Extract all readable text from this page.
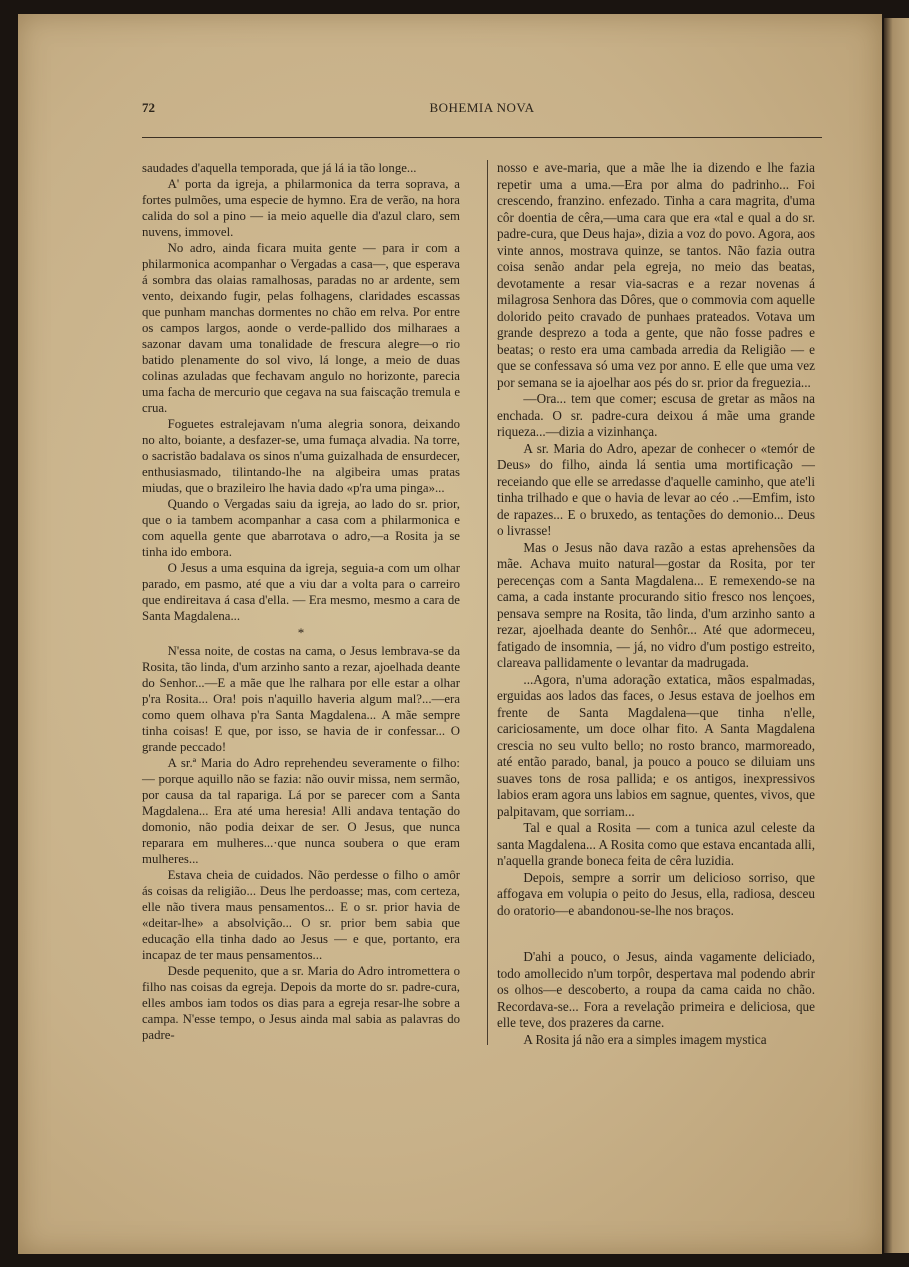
72	BOHEMIA NOVA

saudades d'aquella temporada, que já lá ia tão longe...

A' porta da igreja, a philarmonica da terra soprava, a fortes pulmões, uma especie de hymno. Era de verão, na hora calida do sol a pino — ia meio aquelle dia d'azul claro, sem nuvens, immovel.

No adro, ainda ficara muita gente — para ir com a philarmonica acompanhar o Vergadas a casa—, que esperava á sombra das olaias ramalhosas, paradas no ar ardente, sem vento, deixando fugir, pelas folhagens, claridades escassas que punham manchas dormentes no chão em relva. Por entre os campos largos, aonde o verde-pallido dos milharaes a sazonar davam uma tonalidade de frescura alegre—o rio batido plenamente do sol vivo, lá longe, a meio de duas colinas azuladas que fechavam angulo no horizonte, parecia uma facha de mercurio que cegava na sua faiscação tremula e crua.

Foguetes estralejavam n'uma alegria sonora, deixando no alto, boiante, a desfazer-se, uma fumaça alvadia. Na torre, o sacristão badalava os sinos n'uma guizalhada de ensurdecer, enthusiasmado, tilintando-lhe na algibeira umas pratas miudas, que o brazileiro lhe havia dado «p'ra uma pinga»...

Quando o Vergadas saiu da igreja, ao lado do sr. prior, que o ia tambem acompanhar a casa com a philarmonica e com aquella gente que abarrotava o adro,—a Rosita ja se tinha ido embora.

O Jesus a uma esquina da igreja, seguia-a com um olhar parado, em pasmo, até que a viu dar a volta para o carreiro que endireitava á casa d'ella. — Era mesmo, mesmo a cara de Santa Magdalena...

*

N'essa noite, de costas na cama, o Jesus lembrava-se da Rosita, tão linda, d'um arzinho santo a rezar, ajoelhada deante do Senhor...—E a mãe que lhe ralhara por elle estar a olhar p'ra Rosita... Ora! pois n'aquillo haveria algum mal?...—era como quem olhava p'ra Santa Magdalena... A mãe sempre tinha coisas! E que, por isso, se havia de ir confessar... O grande peccado!

A sr.ª Maria do Adro reprehendeu severamente o filho: — porque aquillo não se fazia: não ouvir missa, nem sermão, por causa da tal rapariga. Lá por se parecer com a Santa Magdalena... Era até uma heresia! Alli andava tentação do domonio, não podia deixar de ser. O Jesus, que nunca reparara em mulheres...·que nunca soubera o que eram mulheres...

Estava cheia de cuidados. Não perdesse o filho o amôr ás coisas da religião... Deus lhe perdoasse; mas, com certeza, elle não tivera maus pensamentos... E o sr. prior havia de «deitar-lhe» a absolvição... O sr. prior bem sabia que educação ella tinha dado ao Jesus — e que, portanto, era incapaz de ter maus pensamentos...

Desde pequenito, que a sr. Maria do Adro intromettera o filho nas coisas da egreja. Depois da morte do sr. padre-cura, elles ambos iam todos os dias para a egreja resar-lhe sobre a campa. N'esse tempo, o Jesus ainda mal sabia as palavras do padre-

nosso e ave-maria, que a mãe lhe ia dizendo e lhe fazia repetir uma a uma.—Era por alma do padrinho... Foi crescendo, franzino. enfezado. Tinha a cara magrita, d'uma côr doentia de cêra,—uma cara que era «tal e qual a do sr. padre-cura, que Deus haja», dizia a voz do povo. Agora, aos vinte annos, mostrava quinze, se tantos. Não fazia outra coisa senão andar pela egreja, no meio das beatas, devotamente a resar via-sacras e a rezar novenas á milagrosa Senhora das Dôres, que o commovia com aquelle dolorido peito cravado de punhaes prateados. Votava um grande desprezo a toda a gente, que não fosse padres e beatas; o resto era uma cambada arredia da Religião — e que se confessava só uma vez por anno. E elle que uma vez por semana se ia ajoelhar aos pés do sr. prior da freguezia...

—Ora... tem que comer; escusa de gretar as mãos na enchada. O sr. padre-cura deixou á mãe uma grande riqueza...—dizia a vizinhança.

A sr. Maria do Adro, apezar de conhecer o «temór de Deus» do filho, ainda lá sentia uma mortificação —receiando que elle se arredasse d'aquelle caminho, que ate'li tinha trilhado e que o havia de levar ao céo ..—Emfim, isto de rapazes... E o bruxedo, as tentações do demonio... Deus o livrasse!

Mas o Jesus não dava razão a estas aprehensões da mãe. Achava muito natural—gostar da Rosita, por ter perecenças com a Santa Magdalena... E remexendo-se na cama, a cada instante procurando sitio fresco nos lençoes, pensava sempre na Rosita, tão linda, d'um arzinho santo a rezar, ajoelhada deante do Senhôr... Até que adormeceu, fatigado de insomnia, — já, no vidro d'um postigo estreito, clareava pallidamente o levantar da madrugada.

...Agora, n'uma adoração extatica, mãos espalmadas, erguidas aos lados das faces, o Jesus estava de joelhos em frente de Santa Magdalena—que tinha n'elle, cariciosamente, um doce olhar fito. A Santa Magdalena crescia no seu vulto bello; no rosto branco, marmoreado, até então parado, banal, ja pouco a pouco se diluiam uns suaves tons de rosa pallida; e os antigos, inexpressivos labios eram agora uns labios em sagnue, quentes, vivos, que palpitavam, que sorriam...

Tal e qual a Rosita — com a tunica azul celeste da santa Magdalena... A Rosita como que estava encantada alli, n'aquella grande boneca feita de cêra luzidia.

Depois, sempre a sorrir um delicioso sorriso, que affogava em volupia o peito do Jesus, ella, radiosa, desceu do oratorio—e abandonou-se-lhe nos braços.

D'ahi a pouco, o Jesus, ainda vagamente deliciado, todo amollecido n'um torpôr, despertava mal podendo abrir os olhos—e descoberto, a roupa da cama caida no chão. Recordava-se... Fora a revelação primeira e deliciosa, que elle teve, dos prazeres da carne.

A Rosita já não era a simples imagem mystica
